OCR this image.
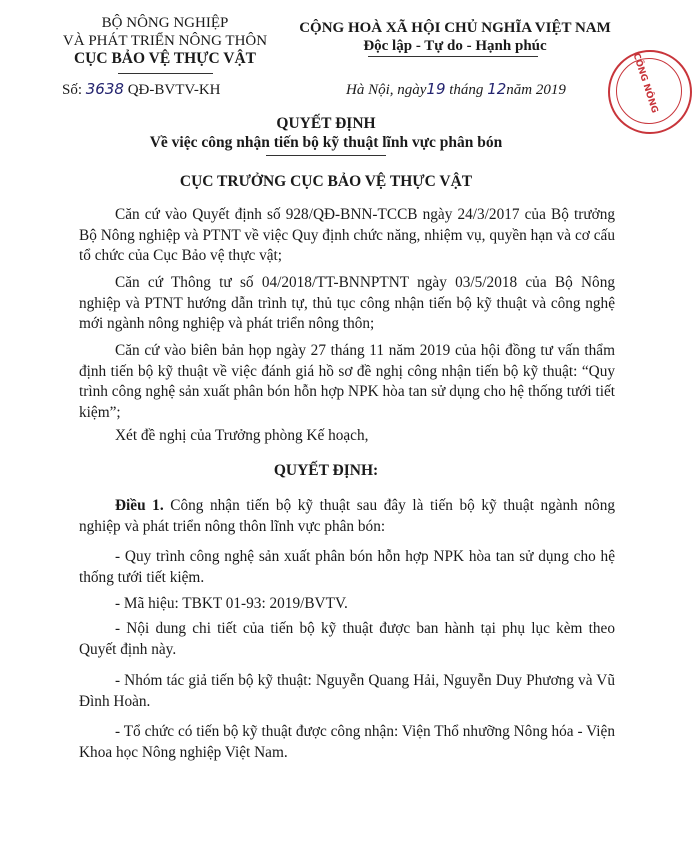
BỘ NÔNG NGHIỆP
VÀ PHÁT TRIỂN NÔNG THÔN
CỤC BẢO VỆ THỰC VẬT
Số: 3638 QĐ-BVTV-KH
CỘNG HOÀ XÃ HỘI CHỦ NGHĨA VIỆT NAM
Độc lập - Tự do - Hạnh phúc
Hà Nội, ngày19 tháng 12năm 2019	CÔNG NÔNG
QUYẾT ĐỊNH
Về việc công nhận tiến bộ kỹ thuật lĩnh vực phân bón
CỤC TRƯỞNG CỤC BẢO VỆ THỰC VẬT
Căn cứ vào Quyết định số 928/QĐ-BNN-TCCB ngày 24/3/2017 của Bộ trưởng Bộ Nông nghiệp và PTNT về việc Quy định chức năng, nhiệm vụ, quyền hạn và cơ cấu tổ chức của Cục Bảo vệ thực vật;
Căn cứ Thông tư số 04/2018/TT-BNNPTNT ngày 03/5/2018 của Bộ Nông nghiệp và PTNT hướng dẫn trình tự, thủ tục công nhận tiến bộ kỹ thuật và công nghệ mới ngành nông nghiệp và phát triển nông thôn;
Căn cứ vào biên bản họp ngày 27 tháng 11 năm 2019 của hội đồng tư vấn thẩm định tiến bộ kỹ thuật về việc đánh giá hồ sơ đề nghị công nhận tiến bộ kỹ thuật: “Quy trình công nghệ sản xuất phân bón hỗn hợp NPK hòa tan sử dụng cho hệ thống tưới tiết kiệm”;
Xét đề nghị của Trưởng phòng Kế hoạch,
QUYẾT ĐỊNH:
Điều 1. Công nhận tiến bộ kỹ thuật sau đây là tiến bộ kỹ thuật ngành nông nghiệp và phát triển nông thôn lĩnh vực phân bón:
- Quy trình công nghệ sản xuất phân bón hỗn hợp NPK hòa tan sử dụng cho hệ thống tưới tiết kiệm.
- Mã hiệu: TBKT 01-93: 2019/BVTV.
- Nội dung chi tiết của tiến bộ kỹ thuật được ban hành tại phụ lục kèm theo Quyết định này.
- Nhóm tác giả tiến bộ kỹ thuật: Nguyễn Quang Hải, Nguyễn Duy Phương và Vũ Đình Hoàn.
- Tổ chức có tiến bộ kỹ thuật được công nhận: Viện Thổ nhưỡng Nông hóa - Viện Khoa học Nông nghiệp Việt Nam.
